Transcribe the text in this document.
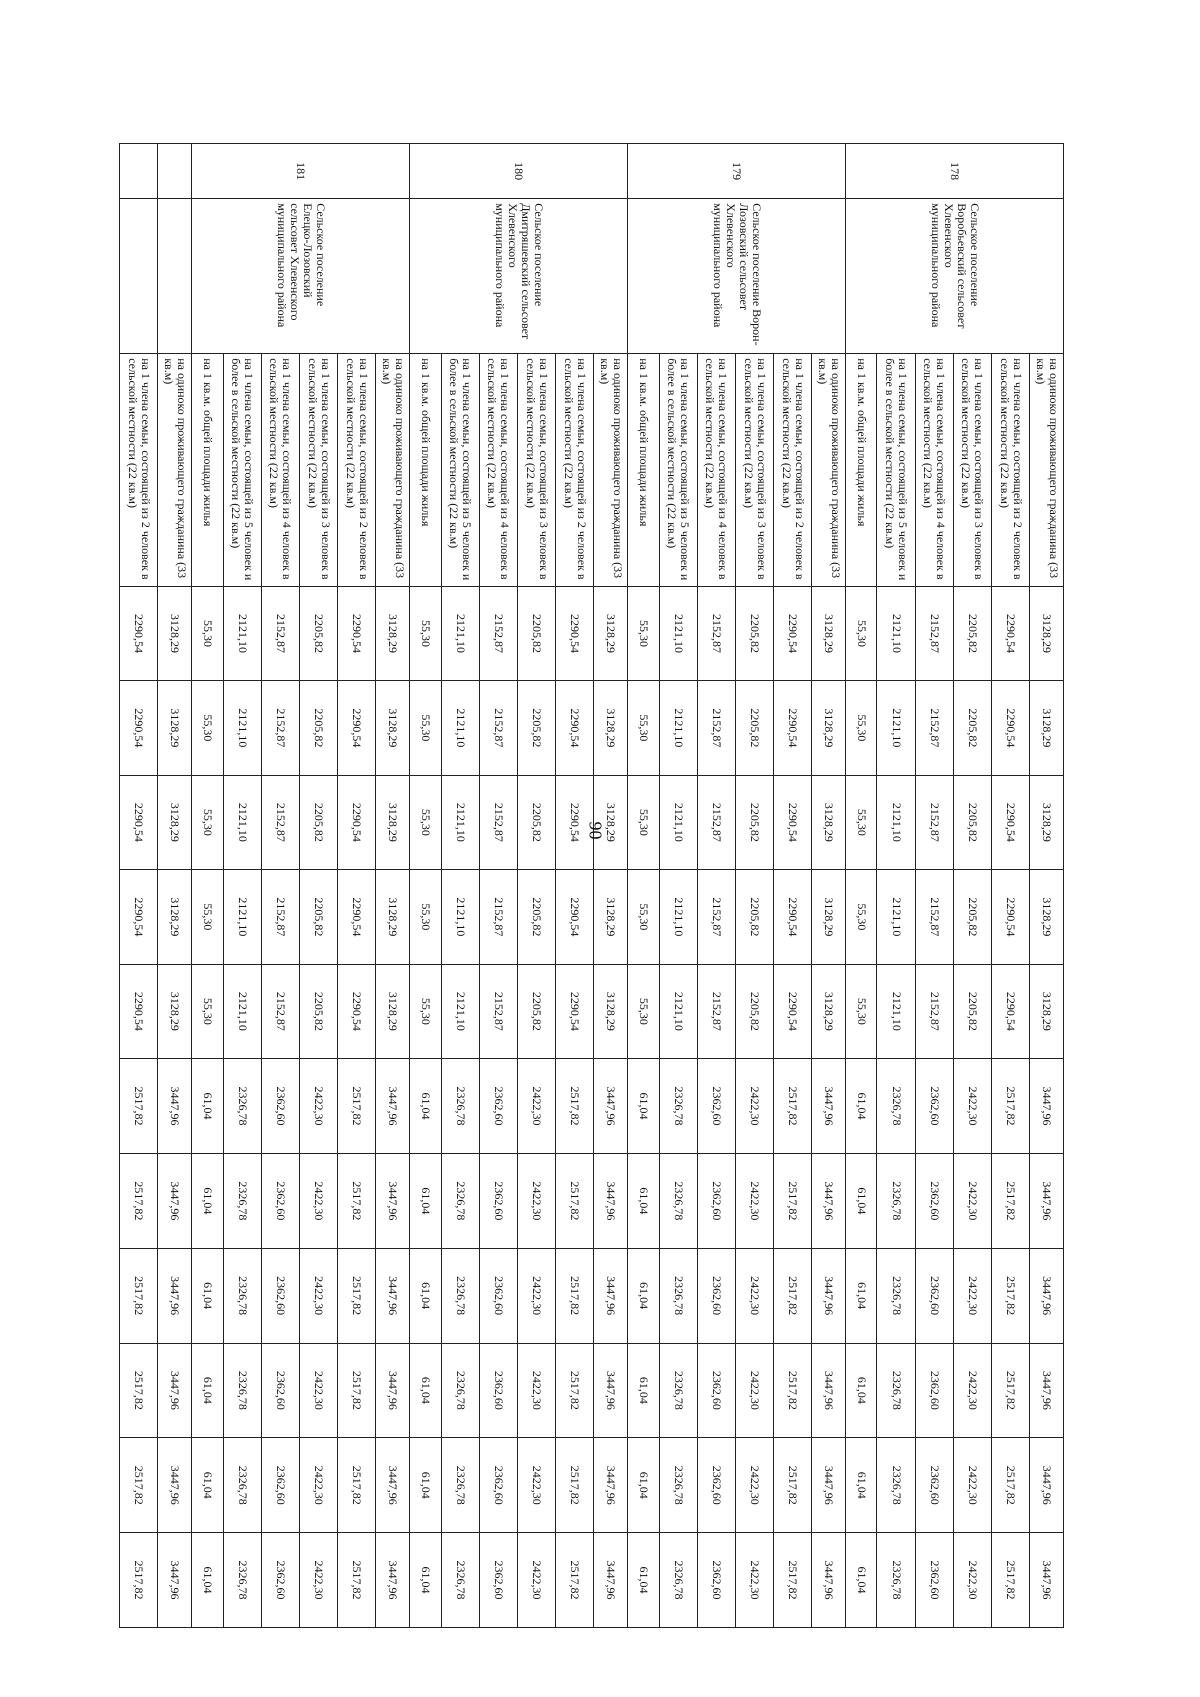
178	Сельское поселение Воробьевский сельсовет Хлевенского муниципального района	на одиноко проживающего гражданина (33 кв.м)	3128,29	3128,29	3128,29	3128,29	3128,29	3447,96	3447,96	3447,96	3447,96	3447,96	3447,96
		на 1 члена семьи, состоящей из 2 человек в сельской местности (22 кв.м)	2290,54	2290,54	2290,54	2290,54	2290,54	2517,82	2517,82	2517,82	2517,82	2517,82	2517,82
		на 1 члена семьи, состоящей из 3 человек в сельской местности (22 кв.м)	2205,82	2205,82	2205,82	2205,82	2205,82	2422,30	2422,30	2422,30	2422,30	2422,30	2422,30
		на 1 члена семьи, состоящей из 4 человек в сельской местности (22 кв.м)	2152,87	2152,87	2152,87	2152,87	2152,87	2362,60	2362,60	2362,60	2362,60	2362,60	2362,60
		на 1 члена семьи, состоящей из 5 человек и более в сельской местности (22 кв.м)	2121,10	2121,10	2121,10	2121,10	2121,10	2326,78	2326,78	2326,78	2326,78	2326,78	2326,78
		на 1 кв.м. общей площади жилья	55,30	55,30	55,30	55,30	55,30	61,04	61,04	61,04	61,04	61,04	61,04
179	Сельское поселение Ворон-Лозовский сельсовет Хлевенского муниципального района	на одиноко проживающего гражданина (33 кв.м)	3128,29	3128,29	3128,29	3128,29	3128,29	3447,96	3447,96	3447,96	3447,96	3447,96	3447,96
		на 1 члена семьи, состоящей из 2 человек в сельской местности (22 кв.м)	2290,54	2290,54	2290,54	2290,54	2290,54	2517,82	2517,82	2517,82	2517,82	2517,82	2517,82
		на 1 члена семьи, состоящей из 3 человек в сельской местности (22 кв.м)	2205,82	2205,82	2205,82	2205,82	2205,82	2422,30	2422,30	2422,30	2422,30	2422,30	2422,30
		на 1 члена семьи, состоящей из 4 человек в сельской местности (22 кв.м)	2152,87	2152,87	2152,87	2152,87	2152,87	2362,60	2362,60	2362,60	2362,60	2362,60	2362,60
		на 1 члена семьи, состоящей из 5 человек и более в сельской местности (22 кв.м)	2121,10	2121,10	2121,10	2121,10	2121,10	2326,78	2326,78	2326,78	2326,78	2326,78	2326,78
		на 1 кв.м. общей площади жилья	55,30	55,30	55,30	55,30	55,30	61,04	61,04	61,04	61,04	61,04	61,04
180	Сельское поселение Дмитряшевский сельсовет Хлевенского муниципального района	на одиноко проживающего гражданина (33 кв.м)	3128,29	3128,29	3128,29	3128,29	3128,29	3447,96	3447,96	3447,96	3447,96	3447,96	3447,96
		на 1 члена семьи, состоящей из 2 человек в сельской местности (22 кв.м)	2290,54	2290,54	2290,54	2290,54	2290,54	2517,82	2517,82	2517,82	2517,82	2517,82	2517,82
		на 1 члена семьи, состоящей из 3 человек в сельской местности (22 кв.м)	2205,82	2205,82	2205,82	2205,82	2205,82	2422,30	2422,30	2422,30	2422,30	2422,30	2422,30
		на 1 члена семьи, состоящей из 4 человек в сельской местности (22 кв.м)	2152,87	2152,87	2152,87	2152,87	2152,87	2362,60	2362,60	2362,60	2362,60	2362,60	2362,60
		на 1 члена семьи, состоящей из 5 человек и более в сельской местности (22 кв.м)	2121,10	2121,10	2121,10	2121,10	2121,10	2326,78	2326,78	2326,78	2326,78	2326,78	2326,78
		на 1 кв.м. общей площади жилья	55,30	55,30	55,30	55,30	55,30	61,04	61,04	61,04	61,04	61,04	61,04
181	Сельское поселение Елецко-Лозовский сельсовет Хлевенского муниципального района	на одиноко проживающего гражданина (33 кв.м)	3128,29	3128,29	3128,29	3128,29	3128,29	3447,96	3447,96	3447,96	3447,96	3447,96	3447,96
		на 1 члена семьи, состоящей из 2 человек в сельской местности (22 кв.м)	2290,54	2290,54	2290,54	2290,54	2290,54	2517,82	2517,82	2517,82	2517,82	2517,82	2517,82
		на 1 члена семьи, состоящей из 3 человек в сельской местности (22 кв.м)	2205,82	2205,82	2205,82	2205,82	2205,82	2422,30	2422,30	2422,30	2422,30	2422,30	2422,30
		на 1 члена семьи, состоящей из 4 человек в сельской местности (22 кв.м)	2152,87	2152,87	2152,87	2152,87	2152,87	2362,60	2362,60	2362,60	2362,60	2362,60	2362,60
		на 1 члена семьи, состоящей из 5 человек и более в сельской местности (22 кв.м)	2121,10	2121,10	2121,10	2121,10	2121,10	2326,78	2326,78	2326,78	2326,78	2326,78	2326,78
		на 1 кв.м. общей площади жилья	55,30	55,30	55,30	55,30	55,30	61,04	61,04	61,04	61,04	61,04	61,04
		на одиноко проживающего гражданина (33 кв.м)	3128,29	3128,29	3128,29	3128,29	3128,29	3447,96	3447,96	3447,96	3447,96	3447,96	3447,96
		на 1 члена семьи, состоящей из 2 человек в сельской местности (22 кв.м)	2290,54	2290,54	2290,54	2290,54	2290,54	2517,82	2517,82	2517,82	2517,82	2517,82	2517,82
90
